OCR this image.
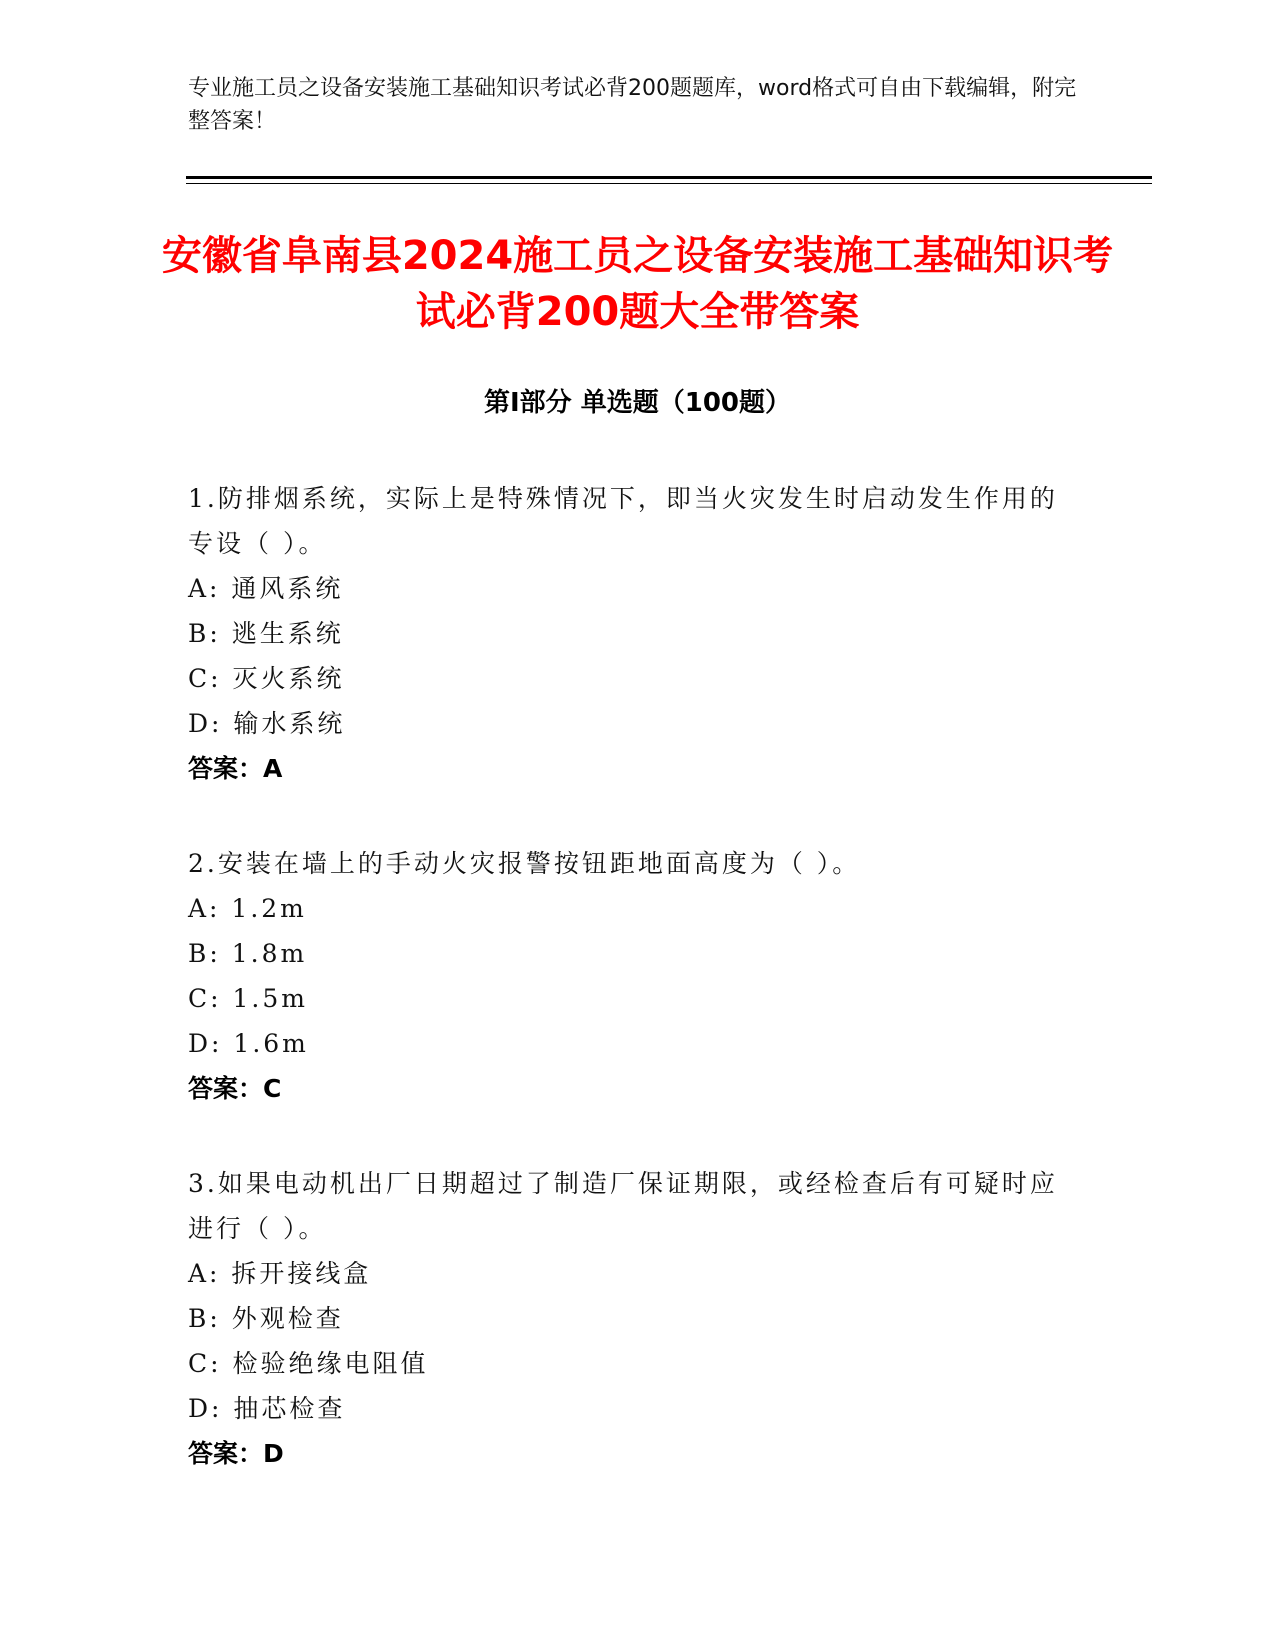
专业施工员之设备安装施工基础知识考试必背200题题库，word格式可自由下载编辑，附完整答案！
安徽省阜南县2024施工员之设备安装施工基础知识考试必背200题大全带答案
第Ⅰ部分 单选题（100题）
1.防排烟系统，实际上是特殊情况下，即当火灾发生时启动发生作用的专设（ ）。
A: 通风系统
B: 逃生系统
C: 灭火系统
D: 输水系统
答案：A
2.安装在墙上的手动火灾报警按钮距地面高度为（ ）。
A: 1.2m
B: 1.8m
C: 1.5m
D: 1.6m
答案：C
3.如果电动机出厂日期超过了制造厂保证期限，或经检查后有可疑时应进行（ ）。
A: 拆开接线盒
B: 外观检查
C: 检验绝缘电阻值
D: 抽芯检查
答案：D
